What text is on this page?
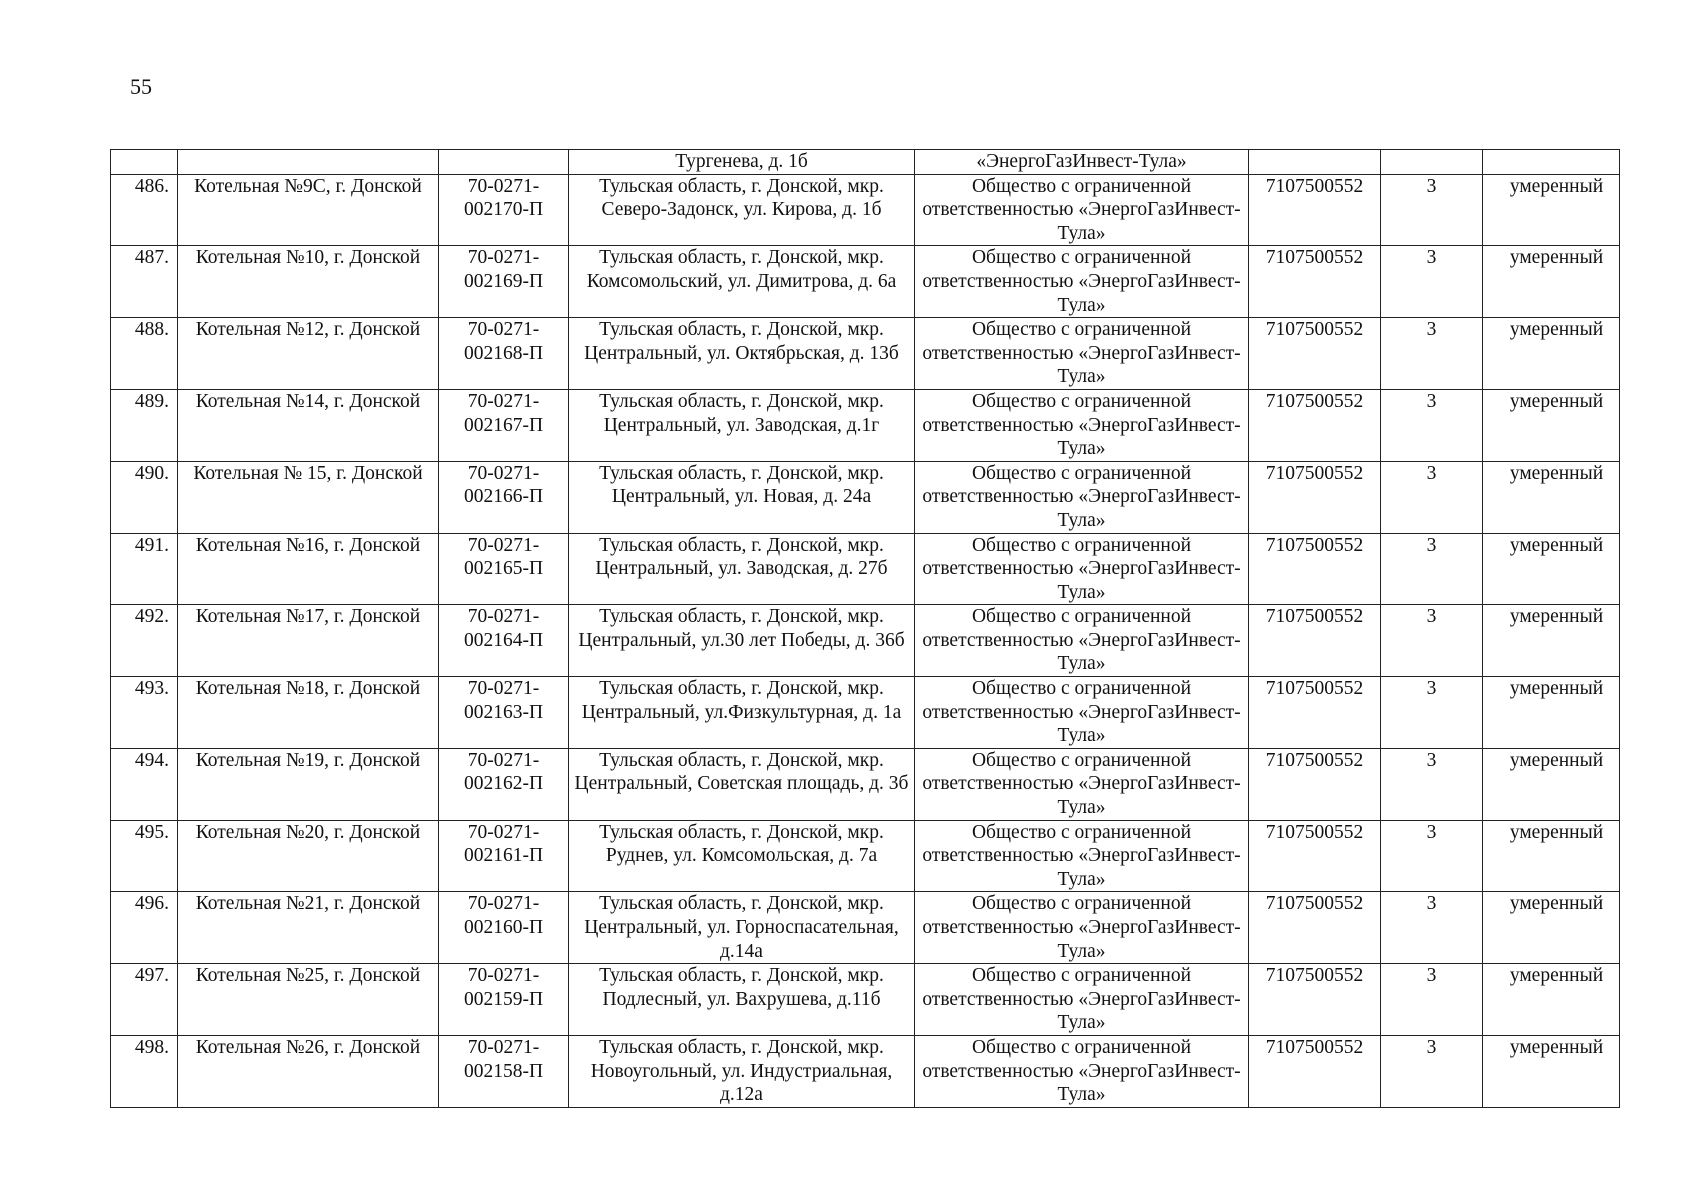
55
			Тургенева, д. 1б	«ЭнергоГазИнвест-Тула»			
486.	Котельная №9С, г. Донской	70-0271-002170-П	Тульская область, г. Донской, мкр. Северо-Задонск, ул. Кирова, д. 1б	Общество с ограниченной ответственностью «ЭнергоГазИнвест-Тула»	7107500552	3	умеренный
487.	Котельная №10, г. Донской	70-0271-002169-П	Тульская область, г. Донской, мкр. Комсомольский, ул. Димитрова, д. 6а	Общество с ограниченной ответственностью «ЭнергоГазИнвест-Тула»	7107500552	3	умеренный
488.	Котельная №12, г. Донской	70-0271-002168-П	Тульская область, г. Донской, мкр. Центральный, ул. Октябрьская, д. 13б	Общество с ограниченной ответственностью «ЭнергоГазИнвест-Тула»	7107500552	3	умеренный
489.	Котельная №14, г. Донской	70-0271-002167-П	Тульская область, г. Донской, мкр. Центральный, ул. Заводская, д.1г	Общество с ограниченной ответственностью «ЭнергоГазИнвест-Тула»	7107500552	3	умеренный
490.	Котельная № 15, г. Донской	70-0271-002166-П	Тульская область, г. Донской, мкр. Центральный, ул. Новая, д. 24а	Общество с ограниченной ответственностью «ЭнергоГазИнвест-Тула»	7107500552	3	умеренный
491.	Котельная №16, г. Донской	70-0271-002165-П	Тульская область, г. Донской, мкр. Центральный, ул. Заводская, д. 27б	Общество с ограниченной ответственностью «ЭнергоГазИнвест-Тула»	7107500552	3	умеренный
492.	Котельная №17, г. Донской	70-0271-002164-П	Тульская область, г. Донской, мкр. Центральный, ул.30 лет Победы, д. 36б	Общество с ограниченной ответственностью «ЭнергоГазИнвест-Тула»	7107500552	3	умеренный
493.	Котельная №18, г. Донской	70-0271-002163-П	Тульская область, г. Донской, мкр. Центральный, ул.Физкультурная, д. 1а	Общество с ограниченной ответственностью «ЭнергоГазИнвест-Тула»	7107500552	3	умеренный
494.	Котельная №19, г. Донской	70-0271-002162-П	Тульская область, г. Донской, мкр. Центральный, Советская площадь, д. 3б	Общество с ограниченной ответственностью «ЭнергоГазИнвест-Тула»	7107500552	3	умеренный
495.	Котельная №20, г. Донской	70-0271-002161-П	Тульская область, г. Донской, мкр. Руднев, ул. Комсомольская, д. 7а	Общество с ограниченной ответственностью «ЭнергоГазИнвест-Тула»	7107500552	3	умеренный
496.	Котельная №21, г. Донской	70-0271-002160-П	Тульская область, г. Донской, мкр. Центральный, ул. Горноспасательная, д.14а	Общество с ограниченной ответственностью «ЭнергоГазИнвест-Тула»	7107500552	3	умеренный
497.	Котельная №25, г. Донской	70-0271-002159-П	Тульская область, г. Донской, мкр. Подлесный, ул. Вахрушева, д.11б	Общество с ограниченной ответственностью «ЭнергоГазИнвест-Тула»	7107500552	3	умеренный
498.	Котельная №26, г. Донской	70-0271-002158-П	Тульская область, г. Донской, мкр. Новоугольный, ул. Индустриальная, д.12а	Общество с ограниченной ответственностью «ЭнергоГазИнвест-Тула»	7107500552	3	умеренный
